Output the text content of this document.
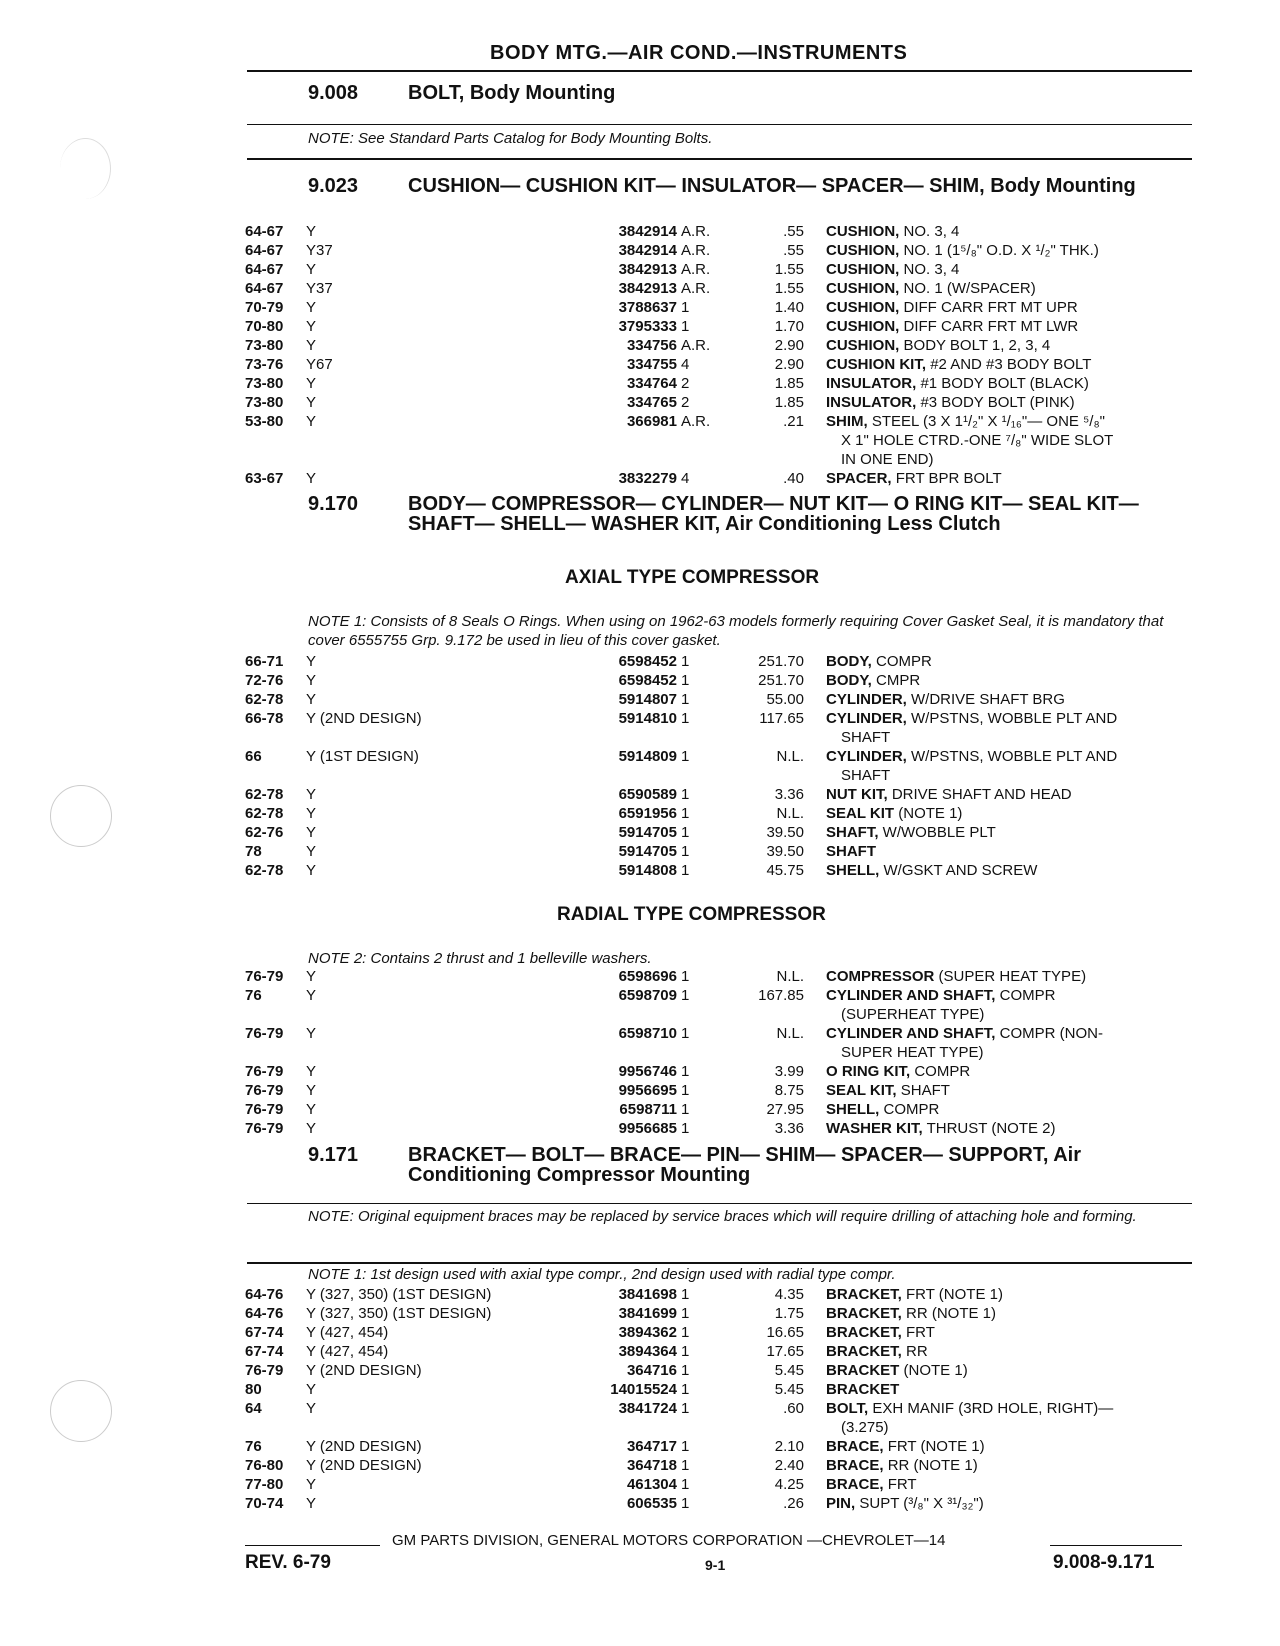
BODY MTG.—AIR COND.—INSTRUMENTS
9.008 BOLT, Body Mounting
NOTE: See Standard Parts Catalog for Body Mounting Bolts.
9.023 CUSHION— CUSHION KIT— INSULATOR— SPACER— SHIM, Body Mounting
64-67 Y	3842914 A.R.	.55 CUSHION, NO. 3, 4
64-67 Y37	3842914 A.R.	.55 CUSHION, NO. 1 (1⁵/₈" O.D. X ¹/₂" THK.)
64-67 Y	3842913 A.R.	1.55 CUSHION, NO. 3, 4
64-67 Y37	3842913 A.R.	1.55 CUSHION, NO. 1 (W/SPACER)
70-79 Y	3788637 1	1.40 CUSHION, DIFF CARR FRT MT UPR
70-80 Y	3795333 1	1.70 CUSHION, DIFF CARR FRT MT LWR
73-80 Y	334756 A.R.	2.90 CUSHION, BODY BOLT 1, 2, 3, 4
73-76 Y67	334755 4	2.90 CUSHION KIT, #2 AND #3 BODY BOLT
73-80 Y	334764 2	1.85 INSULATOR, #1 BODY BOLT (BLACK)
73-80 Y	334765 2	1.85 INSULATOR, #3 BODY BOLT (PINK)
53-80 Y	366981 A.R.	.21 SHIM, STEEL (3 X 1¹/₂" X ¹/₁₆"— ONE ⁵/₈"
X 1" HOLE CTRD.-ONE ⁷/₈" WIDE SLOT
IN ONE END)
63-67 Y	3832279 4	.40 SPACER, FRT BPR BOLT
9.170 BODY— COMPRESSOR— CYLINDER— NUT KIT— O RING KIT— SEAL KIT— SHAFT— SHELL— WASHER KIT, Air Conditioning Less Clutch
AXIAL TYPE COMPRESSOR
NOTE 1: Consists of 8 Seals O Rings. When using on 1962-63 models formerly requiring Cover Gasket Seal, it is mandatory that cover 6555755 Grp. 9.172 be used in lieu of this cover gasket.
66-71 Y	6598452 1	251.70 BODY, COMPR
72-76 Y	6598452 1	251.70 BODY, CMPR
62-78 Y	5914807 1	55.00 CYLINDER, W/DRIVE SHAFT BRG
66-78 Y (2ND DESIGN)	5914810 1	117.65 CYLINDER, W/PSTNS, WOBBLE PLT AND
SHAFT
66	Y (1ST DESIGN)	5914809 1	N.L. CYLINDER, W/PSTNS, WOBBLE PLT AND
SHAFT
62-78 Y	6590589 1	3.36 NUT KIT, DRIVE SHAFT AND HEAD
62-78 Y	6591956 1	N.L. SEAL KIT (NOTE 1)
62-76 Y	5914705 1	39.50 SHAFT, W/WOBBLE PLT
78	Y	5914705 1	39.50 SHAFT
62-78 Y	5914808 1	45.75 SHELL, W/GSKT AND SCREW
RADIAL TYPE COMPRESSOR
NOTE 2: Contains 2 thrust and 1 belleville washers.
76-79 Y	6598696 1	N.L. COMPRESSOR (SUPER HEAT TYPE)
76	Y	6598709 1	167.85 CYLINDER AND SHAFT, COMPR
(SUPERHEAT TYPE)
76-79 Y	6598710 1	N.L. CYLINDER AND SHAFT, COMPR (NON-
SUPER HEAT TYPE)
76-79 Y	9956746 1	3.99 O RING KIT, COMPR
76-79 Y	9956695 1	8.75 SEAL KIT, SHAFT
76-79 Y	6598711 1	27.95 SHELL, COMPR
76-79 Y	9956685 1	3.36 WASHER KIT, THRUST (NOTE 2)
9.171 BRACKET— BOLT— BRACE— PIN— SHIM— SPACER— SUPPORT, Air Conditioning Compressor Mounting
NOTE: Original equipment braces may be replaced by service braces which will require drilling of attaching hole and forming.
NOTE 1: 1st design used with axial type compr., 2nd design used with radial type compr.
64-76 Y (327, 350) (1ST DESIGN)	3841698 1	4.35 BRACKET, FRT (NOTE 1)
64-76 Y (327, 350) (1ST DESIGN)	3841699 1	1.75 BRACKET, RR (NOTE 1)
67-74 Y (427, 454)	3894362 1	16.65 BRACKET, FRT
67-74 Y (427, 454)	3894364 1	17.65 BRACKET, RR
76-79 Y (2ND DESIGN)	364716 1	5.45 BRACKET (NOTE 1)
80	Y	14015524 1	5.45 BRACKET
64	Y	3841724 1	.60 BOLT, EXH MANIF (3RD HOLE, RIGHT)—
(3.275)
76	Y (2ND DESIGN)	364717 1	2.10 BRACE, FRT (NOTE 1)
76-80 Y (2ND DESIGN)	364718 1	2.40 BRACE, RR (NOTE 1)
77-80 Y	461304 1	4.25 BRACE, FRT
70-74 Y	606535 1	.26 PIN, SUPT (³/₈" X ³¹/₃₂")
GM PARTS DIVISION, GENERAL MOTORS CORPORATION —CHEVROLET—14
REV. 6-79	9-1	9.008-9.171
